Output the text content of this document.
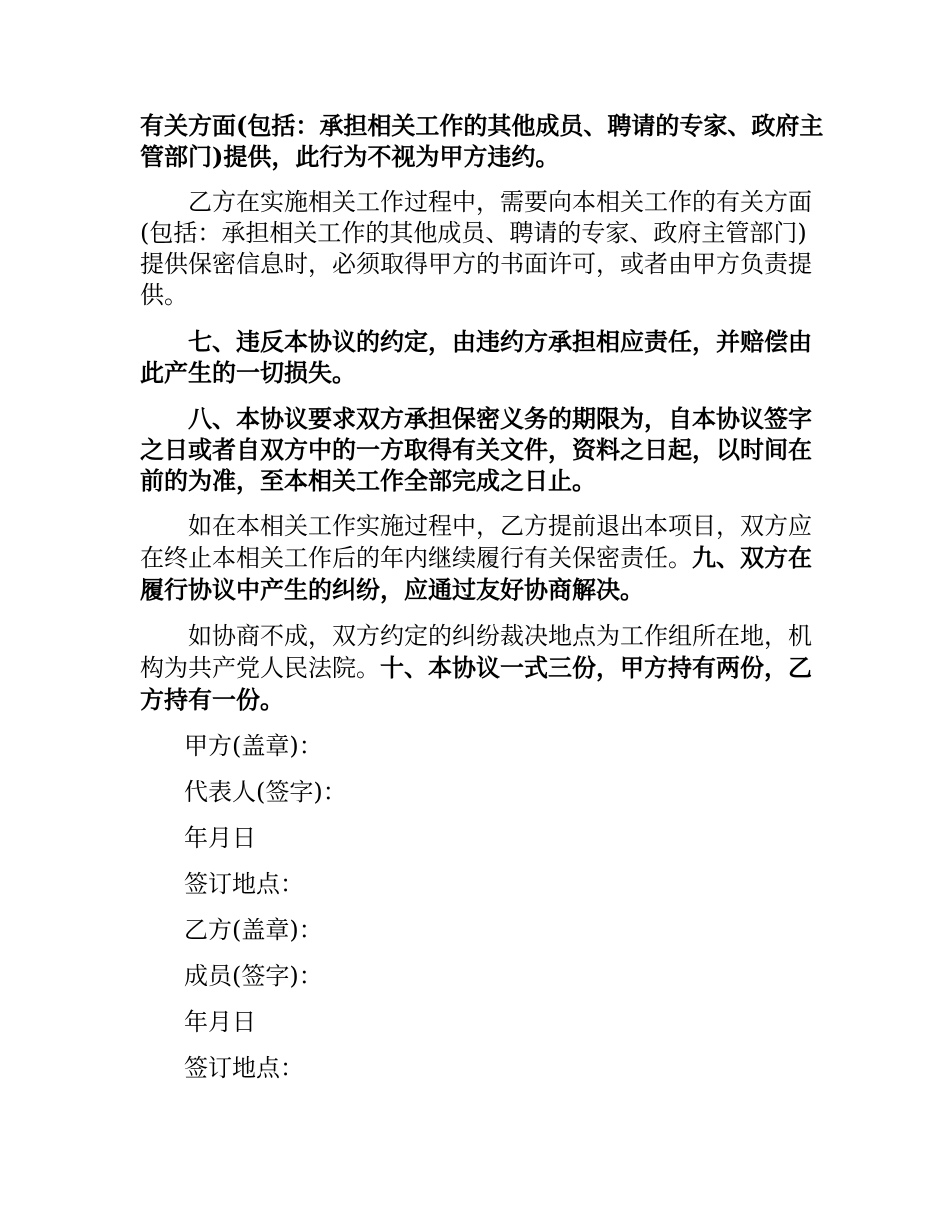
有关方面(包括：承担相关工作的其他成员、聘请的专家、政府主管部门)提供，此行为不视为甲方违约。

乙方在实施相关工作过程中，需要向本相关工作的有关方面(包括：承担相关工作的其他成员、聘请的专家、政府主管部门)提供保密信息时，必须取得甲方的书面许可，或者由甲方负责提供。

七、违反本协议的约定，由违约方承担相应责任，并赔偿由此产生的一切损失。

八、本协议要求双方承担保密义务的期限为，自本协议签字之日或者自双方中的一方取得有关文件，资料之日起，以时间在前的为准，至本相关工作全部完成之日止。

如在本相关工作实施过程中，乙方提前退出本项目，双方应在终止本相关工作后的年内继续履行有关保密责任。九、双方在履行协议中产生的纠纷，应通过友好协商解决。

如协商不成，双方约定的纠纷裁决地点为工作组所在地，机构为共产党人民法院。十、本协议一式三份，甲方持有两份，乙方持有一份。

甲方(盖章)：

代表人(签字)：

年月日

签订地点：

乙方(盖章)：

成员(签字)：

年月日

签订地点：
